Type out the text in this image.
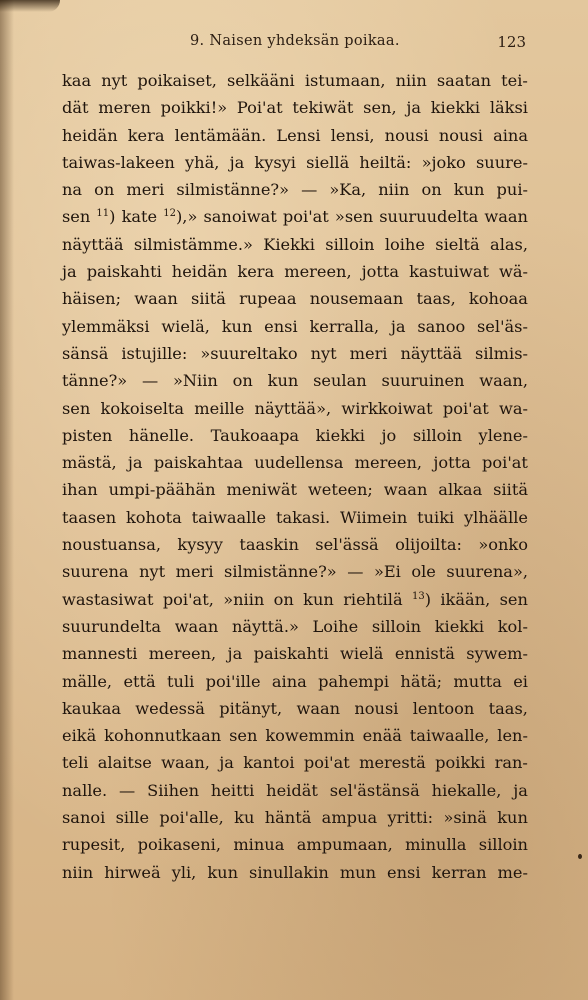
9. Naisen yhdeksän poikaa.	123
kaa nyt poikaiset, selkääni istumaan, niin saatan tei-
dät meren poikki!» Poi'at tekiwät sen, ja kiekki läksi
heidän kera lentämään. Lensi lensi, nousi nousi aina
taiwas-lakeen yhä, ja kysyi siellä heiltä: »joko suure-
na on meri silmistänne?» — »Ka, niin on kun pui-
sen $^{11}$) kate $^{12}$),» sanoiwat poi'at »sen suuruudelta waan
näyttää silmistämme.» Kiekki silloin loihe sieltä alas,
ja paiskahti heidän kera mereen, jotta kastuiwat wä-
häisen; waan siitä rupeaa nousemaan taas, kohoaa
ylemmäksi wielä, kun ensi kerralla, ja sanoo sel'äs-
sänsä istujille: »suureltako nyt meri näyttää silmis-
tänne?» — »Niin on kun seulan suuruinen waan,
sen kokoiselta meille näyttää», wirkkoiwat poi'at wa-
pisten hänelle. Taukoaapa kiekki jo silloin ylene-
mästä, ja paiskahtaa uudellensa mereen, jotta poi'at
ihan umpi-päähän meniwät weteen; waan alkaa siitä
taasen kohota taiwaalle takasi. Wiimein tuiki ylhäälle
noustuansa, kysyy taaskin sel'ässä olijoilta: »onko
suurena nyt meri silmistänne?» — »Ei ole suurena»,
wastasiwat poi'at, »niin on kun riehtilä $^{13}$) ikään, sen
suurundelta waan näyttä.» Loihe silloin kiekki kol-
mannesti mereen, ja paiskahti wielä ennistä sywem-
mälle, että tuli poi'ille aina pahempi hätä; mutta ei
kaukaa wedessä pitänyt, waan nousi lentoon taas,
eikä kohonnutkaan sen kowemmin enää taiwaalle, len-
teli alaitse waan, ja kantoi poi'at merestä poikki ran-
nalle. — Siihen heitti heidät sel'ästänsä hiekalle, ja
sanoi sille poi'alle, ku häntä ampua yritti: »sinä kun
rupesit, poikaseni, minua ampumaan, minulla silloin
niin hirweä yli, kun sinullakin mun ensi kerran me-
